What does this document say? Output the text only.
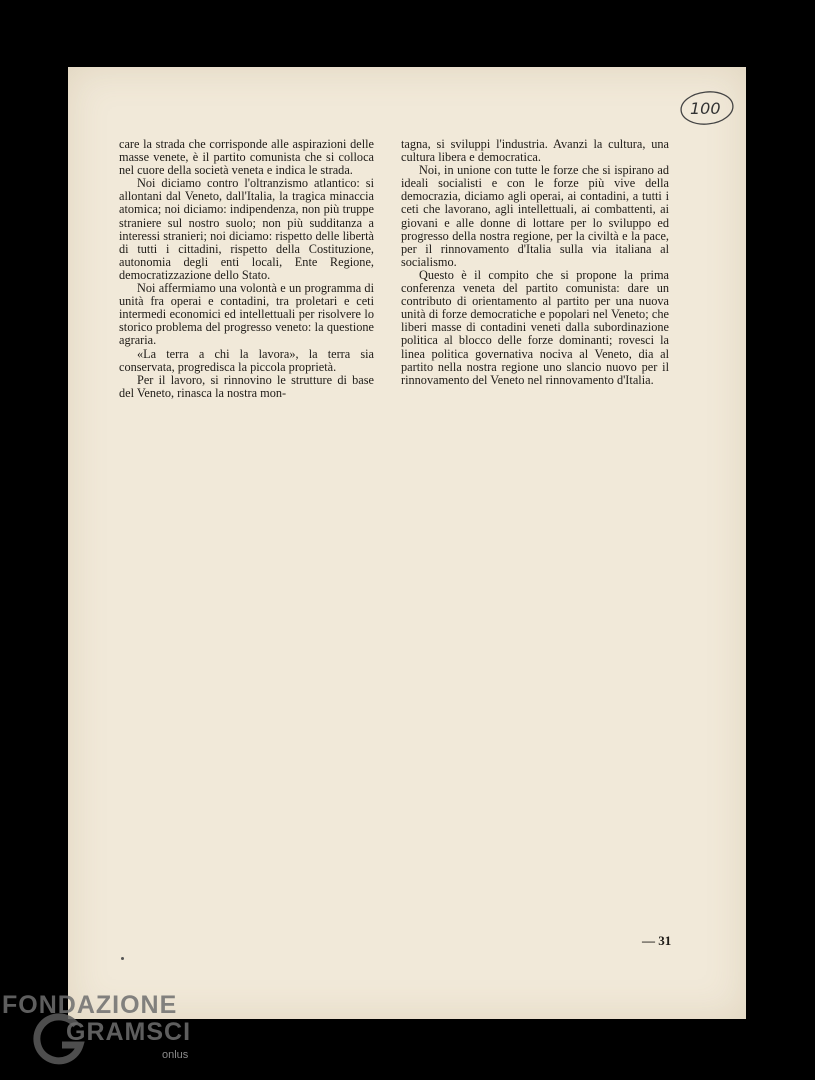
100

care la strada che corrisponde alle aspirazioni delle masse venete, è il partito comunista che si colloca nel cuore della società veneta e indica le strada.

Noi diciamo contro l'oltranzismo atlantico: si allontani dal Veneto, dall'Italia, la tragica minaccia atomica; noi diciamo: indipendenza, non più truppe straniere sul nostro suolo; non più sudditanza a interessi stranieri; noi diciamo: rispetto delle libertà di tutti i cittadini, rispetto della Costituzione, autonomia degli enti locali, Ente Regione, democratizzazione dello Stato.

Noi affermiamo una volontà e un programma di unità fra operai e contadini, tra proletari e ceti intermedi economici ed intellettuali per risolvere lo storico problema del progresso veneto: la questione agraria.

«La terra a chi la lavora», la terra sia conservata, progredisca la piccola proprietà.

Per il lavoro, si rinnovino le strutture di base del Veneto, rinasca la nostra mon-

tagna, si sviluppi l'industria. Avanzi la cultura, una cultura libera e democratica.

Noi, in unione con tutte le forze che si ispirano ad ideali socialisti e con le forze più vive della democrazia, diciamo agli operai, ai contadini, a tutti i ceti che lavorano, agli intellettuali, ai combattenti, ai giovani e alle donne di lottare per lo sviluppo ed progresso della nostra regione, per la civiltà e la pace, per il rinnovamento d'Italia sulla via italiana al socialismo.

Questo è il compito che si propone la prima conferenza veneta del partito comunista: dare un contributo di orientamento al partito per una nuova unità di forze democratiche e popolari nel Veneto; che liberi masse di contadini veneti dalla subordinazione politica al blocco delle forze dominanti; rovesci la linea politica governativa nociva al Veneto, dia al partito nella nostra regione uno slancio nuovo per il rinnovamento del Veneto nel rinnovamento d'Italia.

— 31
FONDAZIONE
GRAMSCI
onlus
